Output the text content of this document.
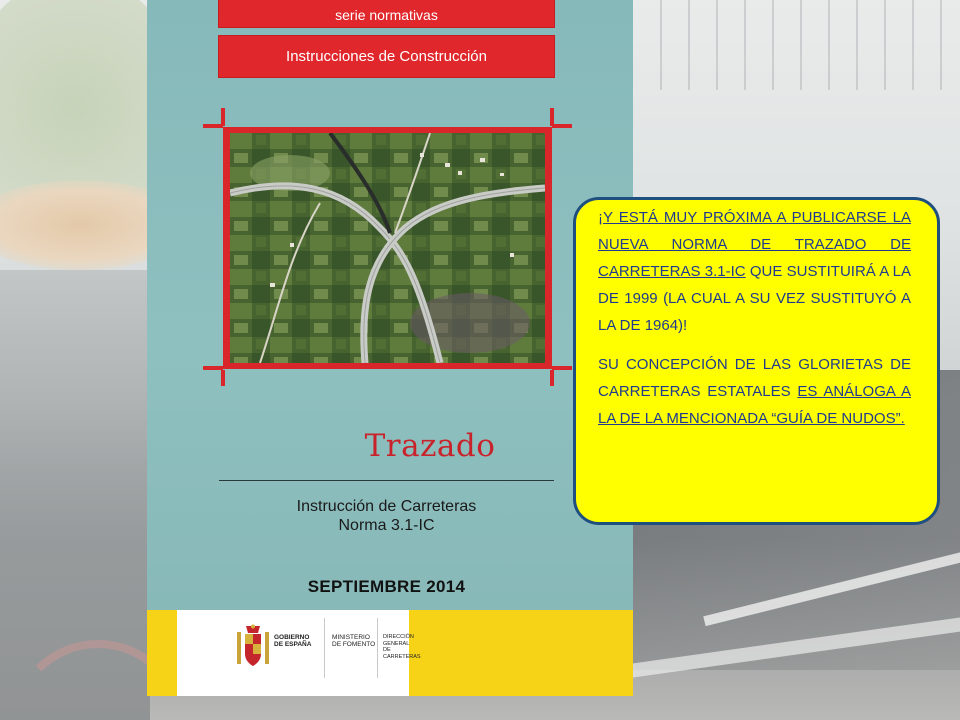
serie normativas
Instrucciones de Construcción
Trazado
Instrucción de Carreteras
Norma 3.1-IC
SEPTIEMBRE 2014
GOBIERNO
DE ESPAÑA
MINISTERIO
DE FOMENTO
DIRECCIÓN GENERAL
DE CARRETERAS

¡Y ESTÁ MUY PRÓXIMA A PUBLICARSE LA NUEVA NORMA DE TRAZADO DE CARRETERAS 3.1-IC QUE SUSTITUIRÁ A LA DE 1999 (LA CUAL A SU VEZ SUSTITUYÓ A LA DE 1964)!

SU CONCEPCIÓN DE LAS GLORIETAS DE CARRETERAS ESTATALES ES ANÁLOGA A LA DE LA MENCIONADA “GUÍA DE NUDOS”.
